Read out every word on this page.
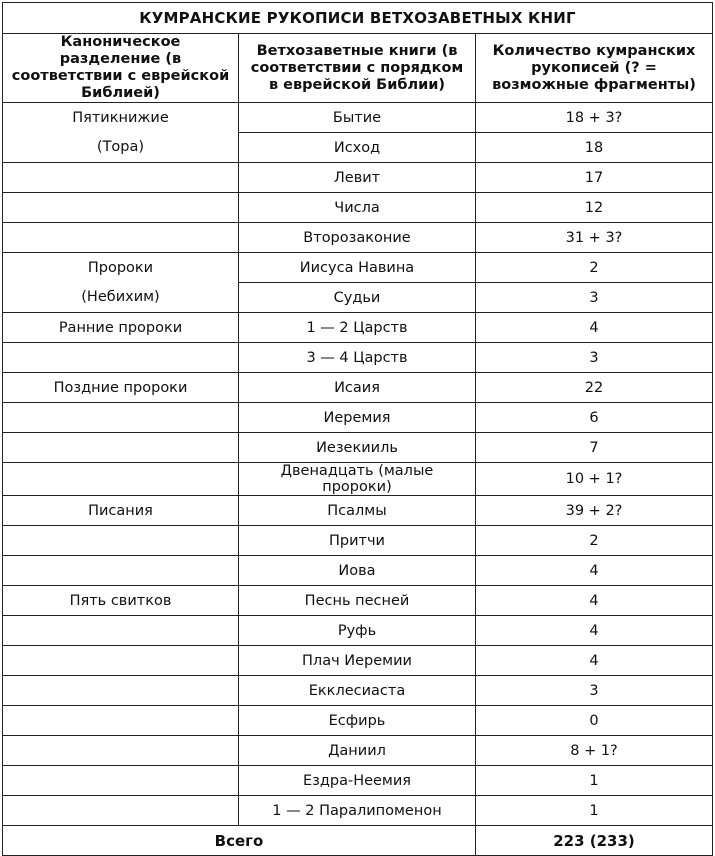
КУМРАНСКИЕ РУКОПИСИ ВЕТХОЗАВЕТНЫХ КНИГ		
Каноническое разделение (в соответствии с еврейской Библией)	Ветхозаветные книги (в соответствии с порядком в еврейской Библии)	Количество кумранских рукописей (? = возможные фрагменты)
Пятикнижие	Бытие	18 + 3?
(Тора)	Исход	18
	Левит	17
	Числа	12
	Второзаконие	31 + 3?
Пророки	Иисуса Навина	2
(Небихим)	Судьи	3
Ранние пророки	1 — 2 Царств	4
	3 — 4 Царств	3
Поздние пророки	Исаия	22
	Иеремия	6
	Иезекииль	7
	Двенадцать (малые пророки)	10 + 1?
Писания	Псалмы	39 + 2?
	Притчи	2
	Иова	4
Пять свитков	Песнь песней	4
	Руфь	4
	Плач Иеремии	4
	Екклесиаста	3
	Есфирь	0
	Даниил	8 + 1?
	Ездра-Неемия	1
	1 — 2 Паралипоменон	1
Всего		223 (233)
